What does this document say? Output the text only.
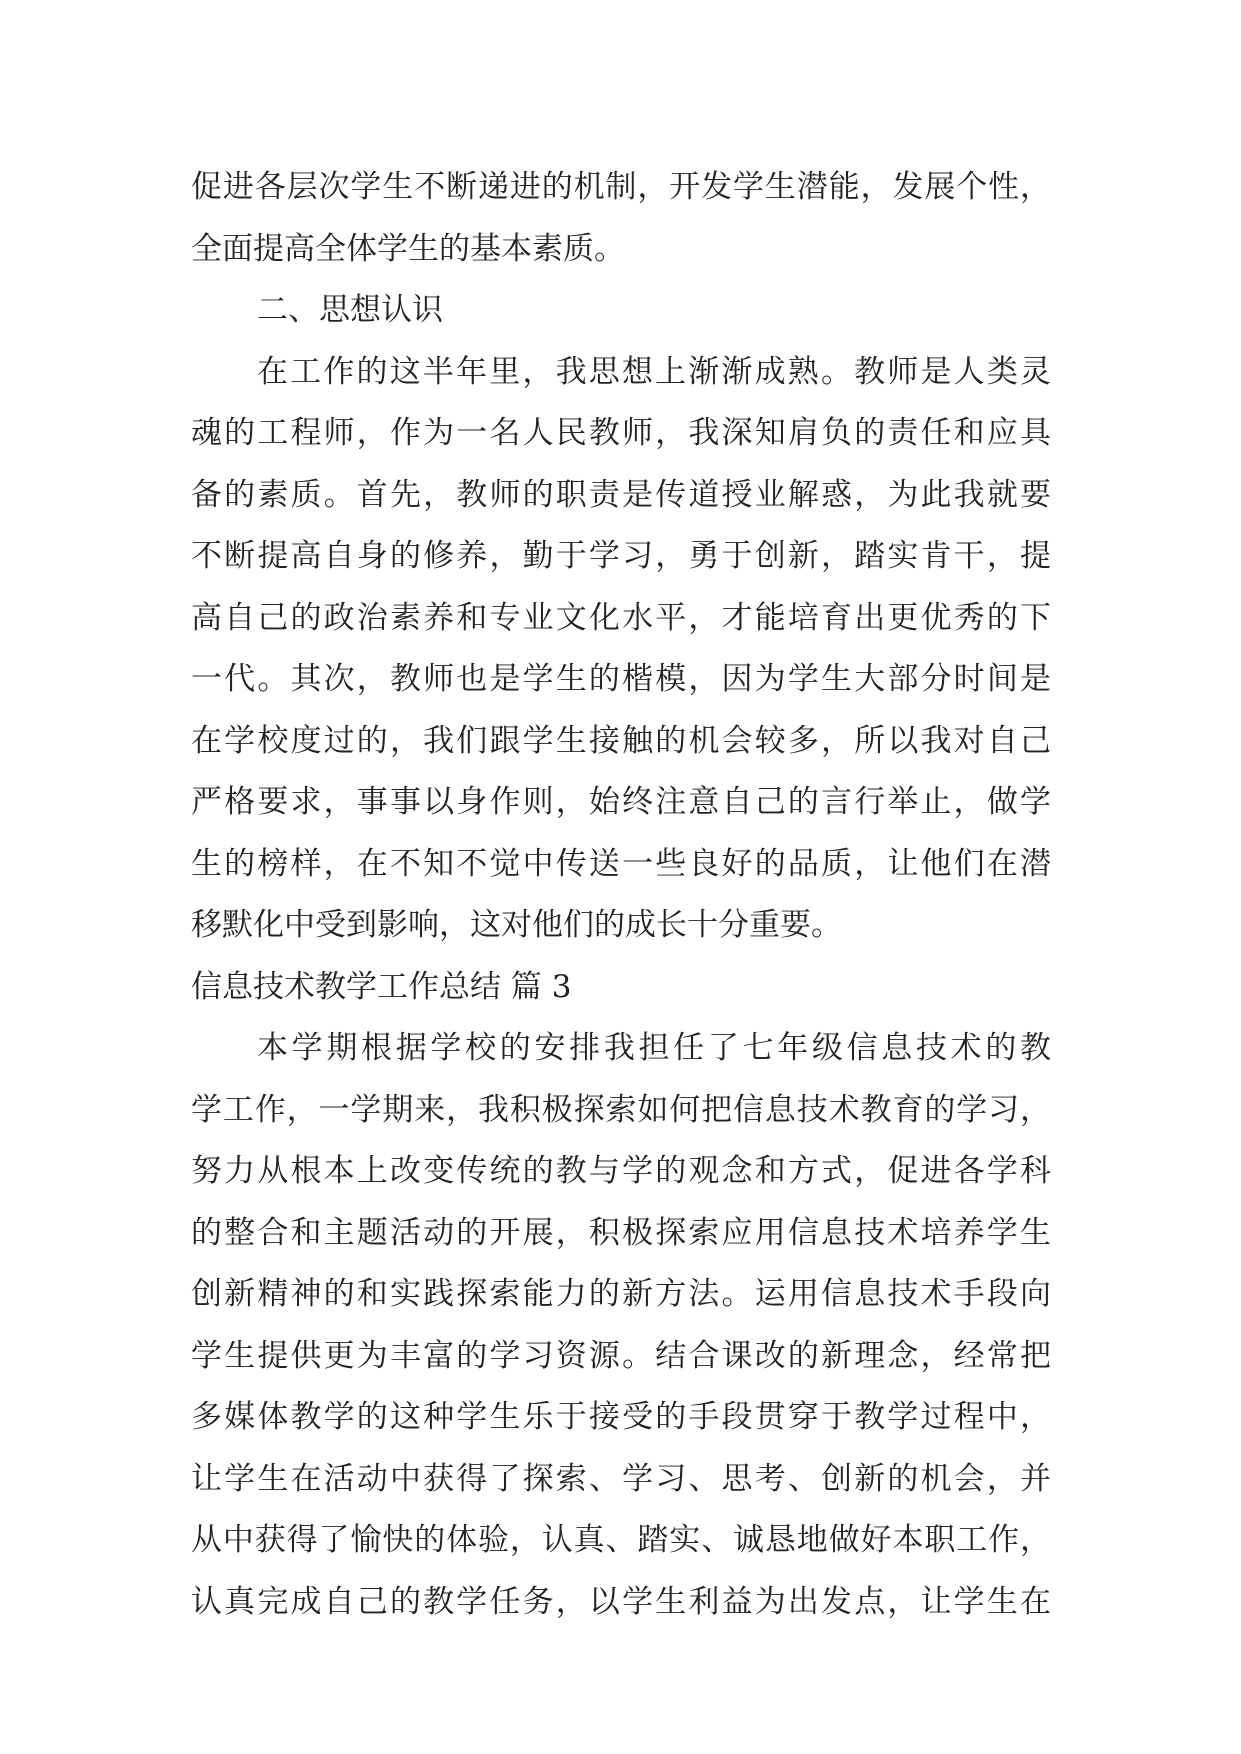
促进各层次学生不断递进的机制，开发学生潜能，发展个性，
全面提高全体学生的基本素质。
二、思想认识
在工作的这半年里，我思想上渐渐成熟。教师是人类灵
魂的工程师，作为一名人民教师，我深知肩负的责任和应具
备的素质。首先，教师的职责是传道授业解惑，为此我就要
不断提高自身的修养，勤于学习，勇于创新，踏实肯干，提
高自己的政治素养和专业文化水平，才能培育出更优秀的下
一代。其次，教师也是学生的楷模，因为学生大部分时间是
在学校度过的，我们跟学生接触的机会较多，所以我对自己
严格要求，事事以身作则，始终注意自己的言行举止，做学
生的榜样，在不知不觉中传送一些良好的品质，让他们在潜
移默化中受到影响，这对他们的成长十分重要。
信息技术教学工作总结 篇 3
本学期根据学校的安排我担任了七年级信息技术的教
学工作，一学期来，我积极探索如何把信息技术教育的学习，
努力从根本上改变传统的教与学的观念和方式，促进各学科
的整合和主题活动的开展，积极探索应用信息技术培养学生
创新精神的和实践探索能力的新方法。运用信息技术手段向
学生提供更为丰富的学习资源。结合课改的新理念，经常把
多媒体教学的这种学生乐于接受的手段贯穿于教学过程中，
让学生在活动中获得了探索、学习、思考、创新的机会，并
从中获得了愉快的体验，认真、踏实、诚恳地做好本职工作，
认真完成自己的教学任务，以学生利益为出发点，让学生在
